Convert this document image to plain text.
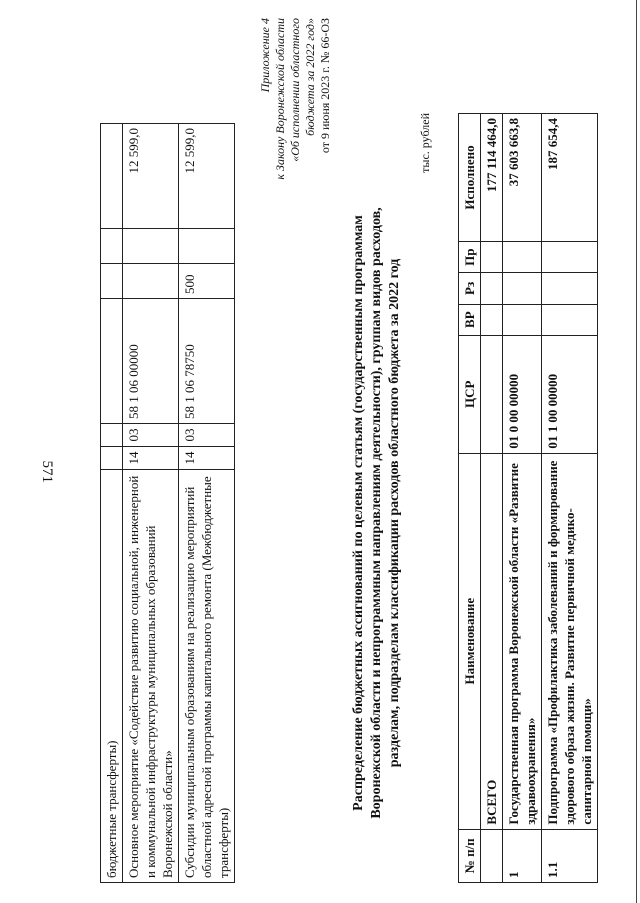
571
бюджетные трансферты)						
Основное мероприятие «Содействие развитию социальной, инженерной и коммунальной инфраструктуры муниципальных образований Воронежской области»	14	03	58 1 06 00000			12 599,0
Субсидии муниципальным образованиям на реализацию мероприятий областной адресной программы капитального ремонта (Межбюджетные трансферты)	14	03	58 1 06 78750	500		12 599,0
Приложение 4 к Закону Воронежской области «Об исполнении областного бюджета за 2022 год» от 9 июня 2023 г. № 66-ОЗ
Распределение бюджетных ассигнований по целевым статьям (государственным программам Воронежской области и непрограммным направлениям деятельности), группам видов расходов, разделам, подразделам классификации расходов областного бюджета за 2022 год
тыс. рублей
№ п/п	Наименование	ЦСР	ВР	Рз	Пр	Исполнено
	ВСЕГО					177 114 464,0
1	Государственная программа Воронежской области «Развитие здравоохранения»	01 0 00 00000				37 603 663,8
1.1	Подпрограмма «Профилактика заболеваний и формирование здорового образа жизни. Развитие первичной медико-санитарной помощи»	01 1 00 00000				187 654,4
